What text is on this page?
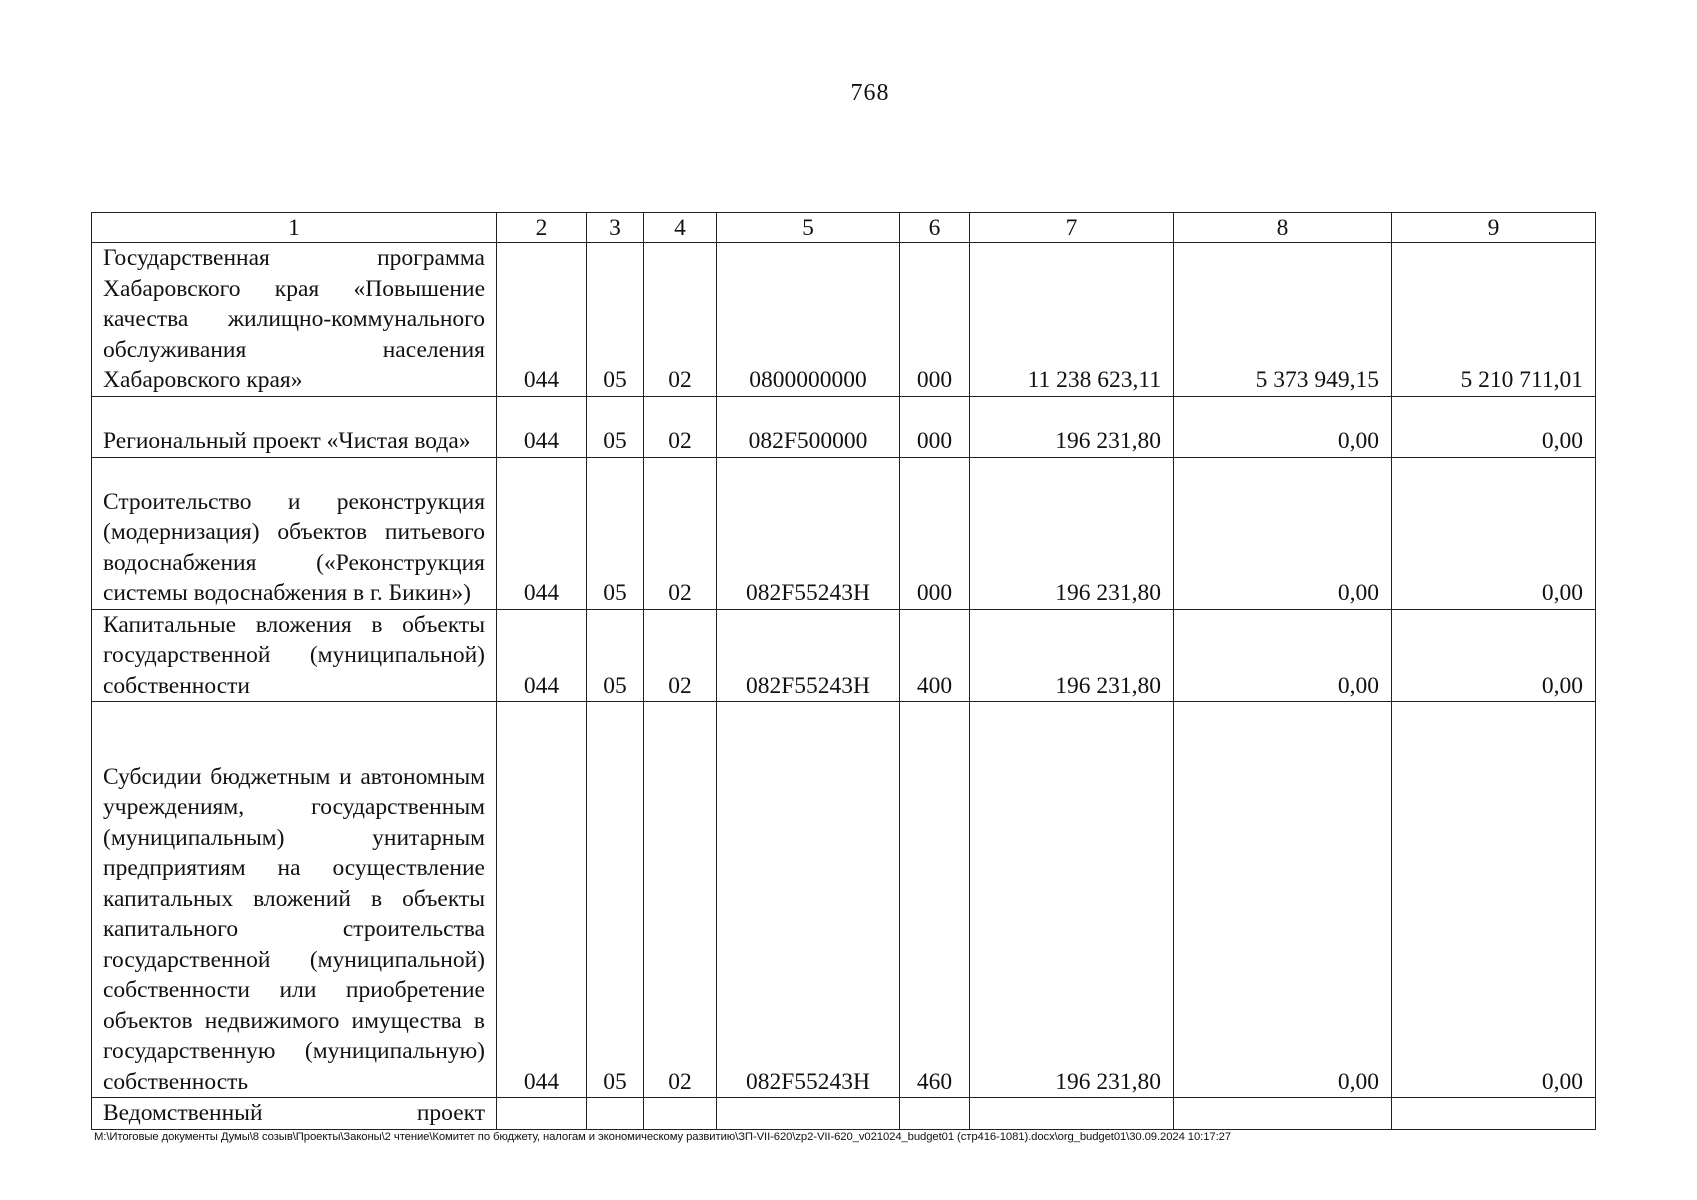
768
1	2	3	4	5	6	7	8	9
Государственная программа Хабаровского края «Повышение качества жилищно-коммунального обслуживания населения Хабаровского края»	044	05	02	0800000000	000	11 238 623,11	5 373 949,15	5 210 711,01
Региональный проект «Чистая вода»	044	05	02	082F500000	000	196 231,80	0,00	0,00
Строительство и реконструкция (модернизация) объектов питьевого водоснабжения («Реконструкция системы водоснабжения в г. Бикин»)	044	05	02	082F55243Н	000	196 231,80	0,00	0,00
Капитальные вложения в объекты государственной (муниципальной) собственности	044	05	02	082F55243Н	400	196 231,80	0,00	0,00
Субсидии бюджетным и автономным учреждениям, государственным (муниципальным) унитарным предприятиям на осуществление капитальных вложений в объекты капитального строительства государственной (муниципальной) собственности или приобретение объектов недвижимого имущества в государственную (муниципальную) собственность	044	05	02	082F55243Н	460	196 231,80	0,00	0,00
Ведомственный проект								
M:\Итоговые документы Думы\8 созыв\Проекты\Законы\2 чтение\Комитет по бюджету, налогам и экономическому развитию\ЗП-VII-620\zp2-VII-620_v021024_budget01 (стр416-1081).docx\org_budget01\30.09.2024 10:17:27
